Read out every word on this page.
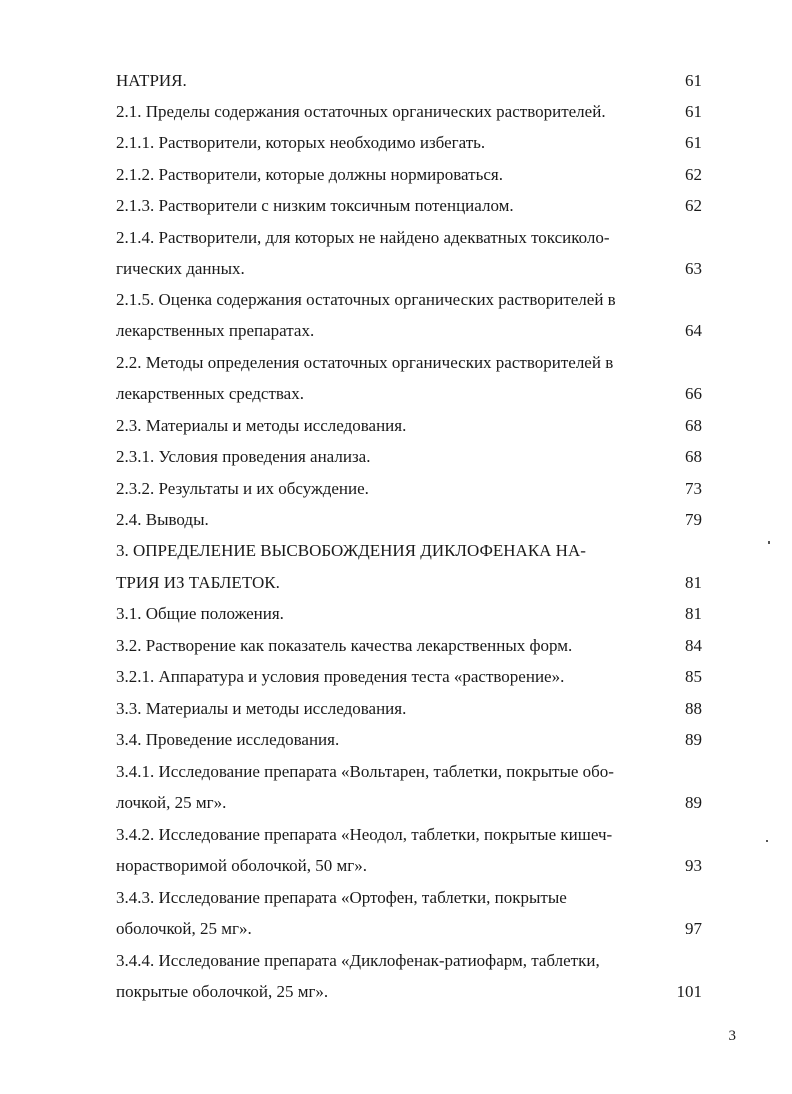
НАТРИЯ.	61
2.1. Пределы содержания остаточных органических растворителей.	61
2.1.1. Растворители, которых необходимо избегать.	61
2.1.2. Растворители, которые должны нормироваться.	62
2.1.3. Растворители с низким токсичным потенциалом.	62
2.1.4. Растворители, для которых не найдено адекватных токсиколо-
гических данных.	63
2.1.5. Оценка содержания остаточных органических растворителей в
лекарственных препаратах.	64
2.2. Методы определения остаточных органических растворителей в
лекарственных средствах.	66
2.3. Материалы и методы исследования.	68
2.3.1. Условия проведения анализа.	68
2.3.2. Результаты и их обсуждение.	73
2.4. Выводы.	79
3. ОПРЕДЕЛЕНИЕ ВЫСВОБОЖДЕНИЯ ДИКЛОФЕНАКА НА-
ТРИЯ ИЗ ТАБЛЕТОК.	81
3.1. Общие положения.	81
3.2. Растворение как показатель качества лекарственных форм.	84
3.2.1. Аппаратура и условия проведения теста «растворение».	85
3.3. Материалы и методы исследования.	88
3.4. Проведение исследования.	89
3.4.1. Исследование препарата «Вольтарен, таблетки, покрытые обо-
лочкой, 25 мг».	89
3.4.2. Исследование препарата «Неодол, таблетки, покрытые кишеч-
норастворимой оболочкой, 50 мг».	93
3.4.3. Исследование препарата «Ортофен, таблетки, покрытые
оболочкой, 25 мг».	97
3.4.4. Исследование препарата «Диклофенак-ратиофарм, таблетки,
покрытые оболочкой, 25 мг».	101
3
